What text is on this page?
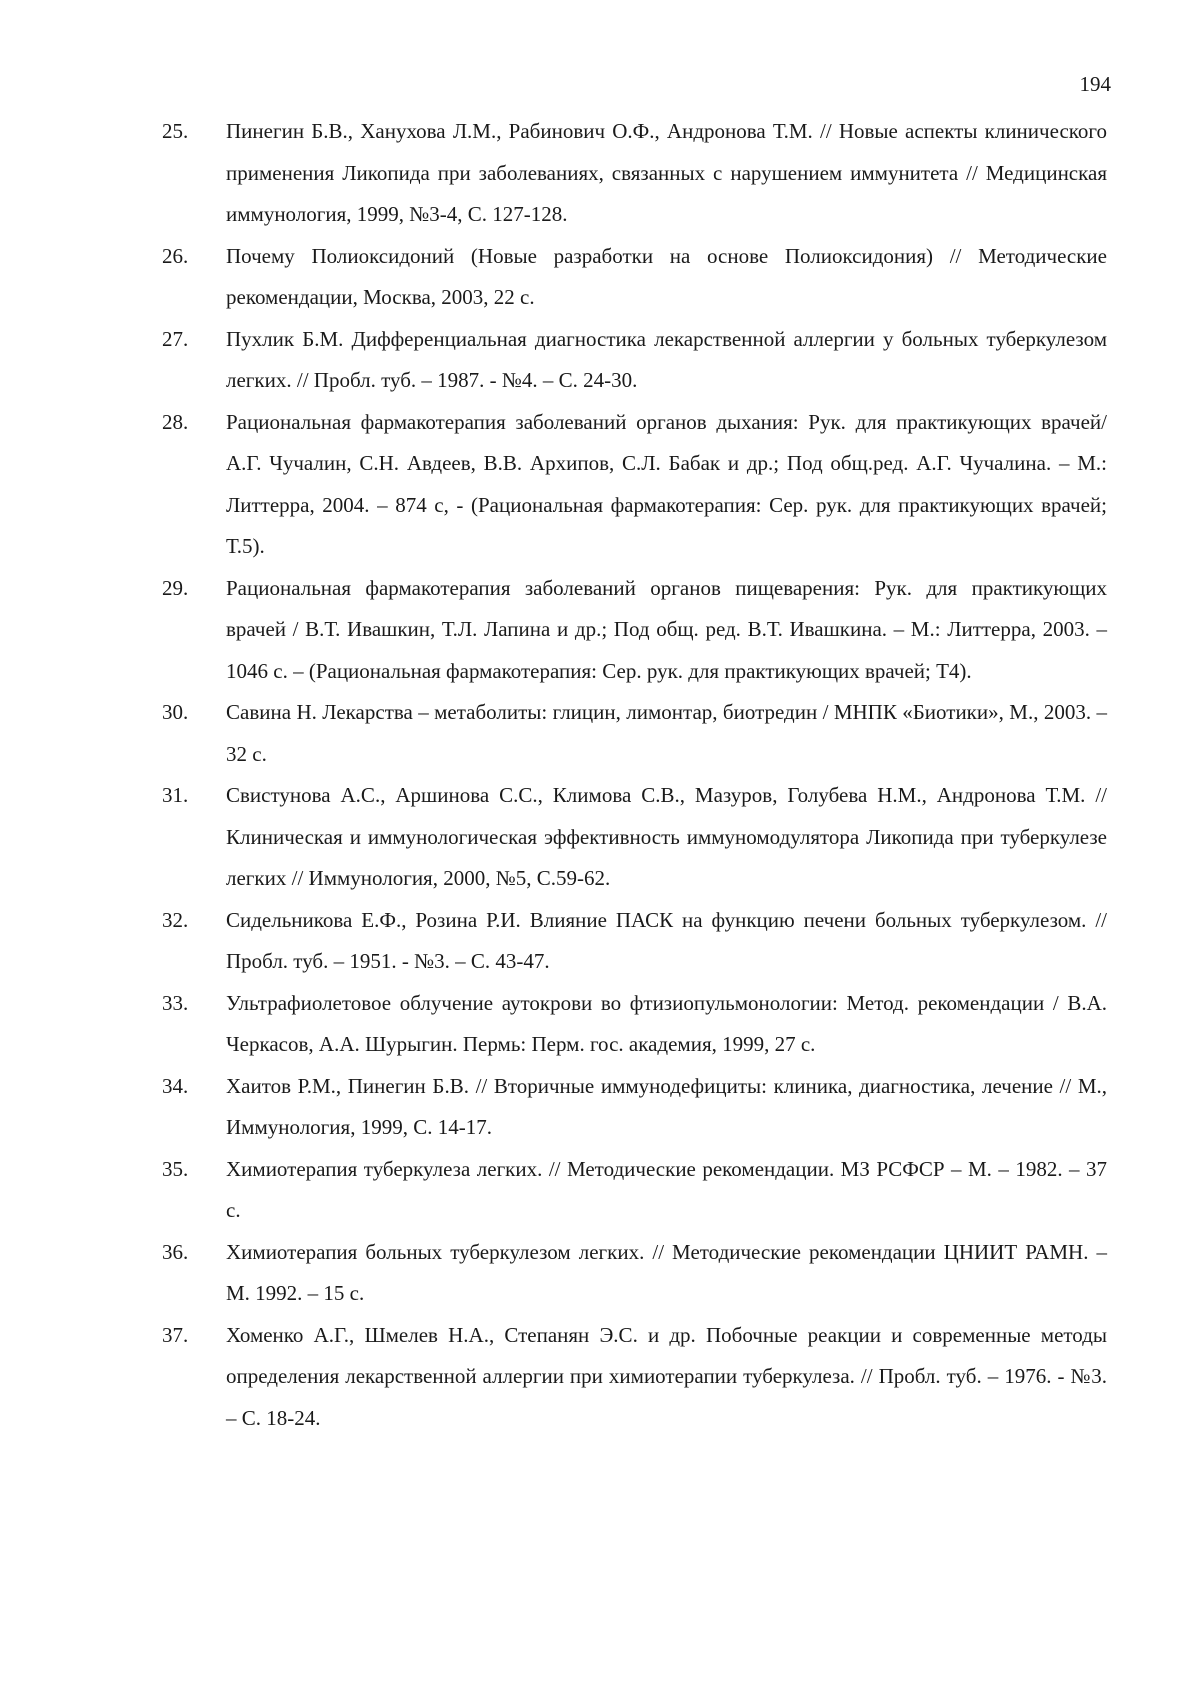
194
25. Пинегин Б.В., Ханухова Л.М., Рабинович О.Ф., Андронова Т.М. // Новые аспекты клинического применения Ликопида при заболеваниях, связанных с нарушением иммунитета // Медицинская иммунология, 1999, №3-4, С. 127-128.
26. Почему Полиоксидоний (Новые разработки на основе Полиоксидония) // Методические рекомендации, Москва, 2003, 22 с.
27. Пухлик Б.М. Дифференциальная диагностика лекарственной аллергии у больных туберкулезом легких. // Пробл. туб. – 1987. - №4. – С. 24-30.
28. Рациональная фармакотерапия заболеваний органов дыхания: Рук. для практикующих врачей/ А.Г. Чучалин, С.Н. Авдеев, В.В. Архипов, С.Л. Бабак и др.; Под общ.ред. А.Г. Чучалина. – М.: Литтерра, 2004. – 874 с, - (Рациональная фармакотерапия: Сер. рук. для практикующих врачей; Т.5).
29. Рациональная фармакотерапия заболеваний органов пищеварения: Рук. для практикующих врачей / В.Т. Ивашкин, Т.Л. Лапина и др.; Под общ. ред. В.Т. Ивашкина. – М.: Литтерра, 2003. – 1046 с. – (Рациональная фармакотерапия: Сер. рук. для практикующих врачей; Т4).
30. Савина Н. Лекарства – метаболиты: глицин, лимонтар, биотредин / МНПК «Биотики», М., 2003. – 32 с.
31. Свистунова А.С., Аршинова С.С., Климова С.В., Мазуров, Голубева Н.М., Андронова Т.М. // Клиническая и иммунологическая эффективность иммуномодулятора Ликопида при туберкулезе легких // Иммунология, 2000, №5, С.59-62.
32. Сидельникова Е.Ф., Розина Р.И. Влияние ПАСК на функцию печени больных туберкулезом. // Пробл. туб. – 1951. - №3. – С. 43-47.
33. Ультрафиолетовое облучение аутокрови во фтизиопульмонологии: Метод. рекомендации / В.А. Черкасов, А.А. Шурыгин. Пермь: Перм. гос. академия, 1999, 27 с.
34. Хаитов Р.М., Пинегин Б.В. // Вторичные иммунодефициты: клиника, диагностика, лечение // М., Иммунология, 1999, С. 14-17.
35. Химиотерапия туберкулеза легких. // Методические рекомендации. МЗ РСФСР – М. – 1982. – 37 с.
36. Химиотерапия больных туберкулезом легких. // Методические рекомендации ЦНИИТ РАМН. – М. 1992. – 15 с.
37. Хоменко А.Г., Шмелев Н.А., Степанян Э.С. и др. Побочные реакции и современные методы определения лекарственной аллергии при химиотерапии туберкулеза. // Пробл. туб. – 1976. - №3. – С. 18-24.
